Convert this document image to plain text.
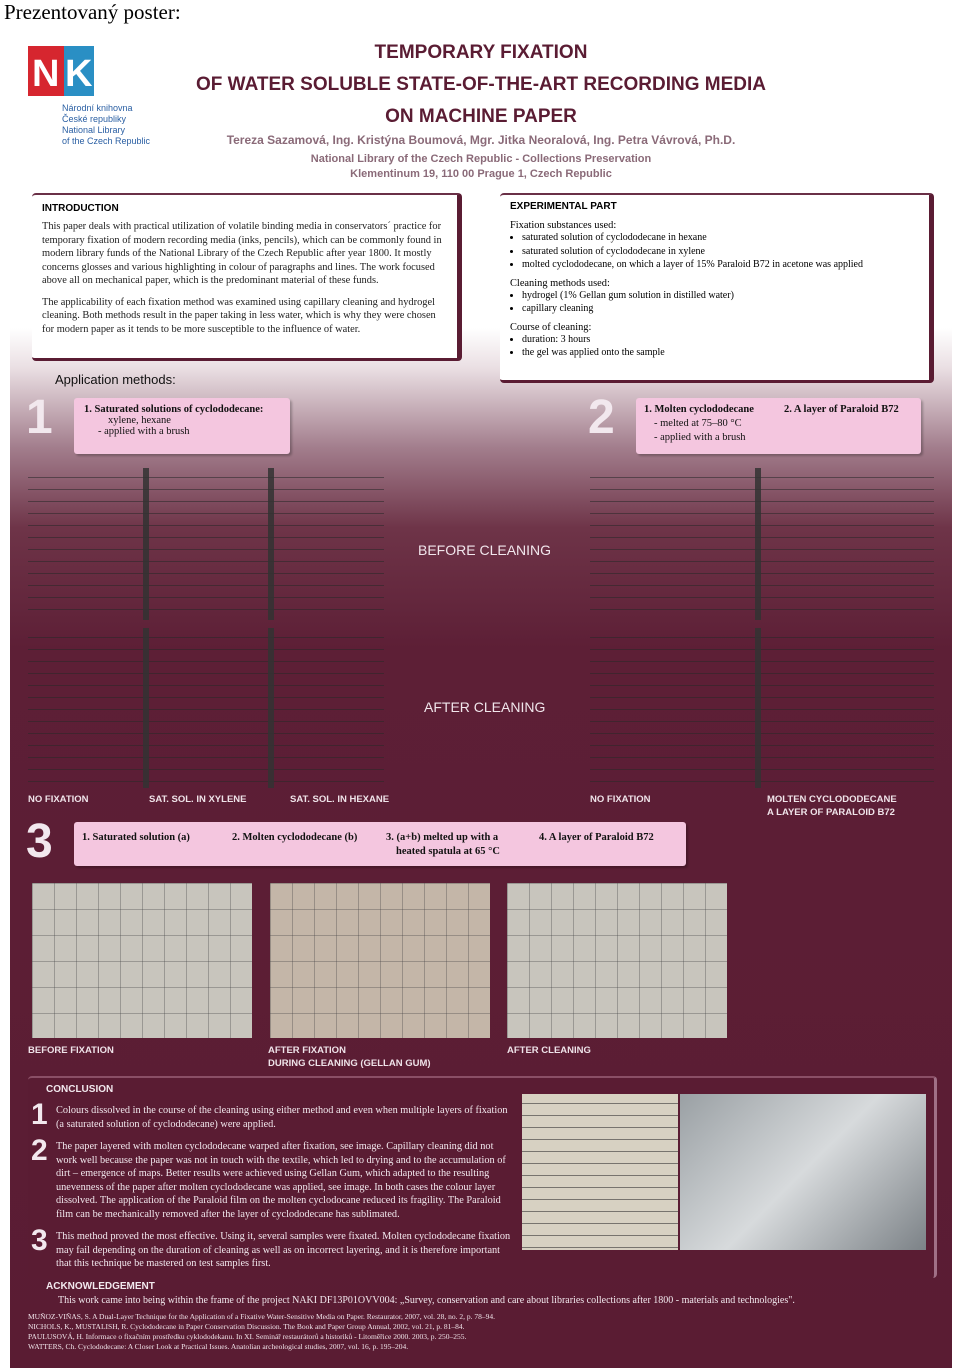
Prezentovaný poster:
N K
Národní knihovna
České republiky
National Library
of the Czech Republic
TEMPORARY FIXATION
OF WATER SOLUBLE STATE-OF-THE-ART RECORDING MEDIA
ON MACHINE PAPER
Tereza Sazamová, Ing. Kristýna Boumová, Mgr. Jitka Neoralová, Ing. Petra Vávrová, Ph.D.
National Library of the Czech Republic - Collections Preservation
Klementinum 19, 110 00 Prague 1, Czech Republic
INTRODUCTION
This paper deals with practical utilization of volatile binding media in conservators´ practice for temporary fixation of modern recording media (inks, pencils), which can be commonly found in modern library funds of the National Library of the Czech Republic after year 1800. It mostly concerns glosses and various highlighting in colour of paragraphs and lines. The work focused above all on mechanical paper, which is the predominant material of these funds.
The applicability of each fixation method was examined using capillary cleaning and hydrogel cleaning. Both methods result in the paper taking in less water, which is why they were chosen for modern paper as it tends to be more susceptible to the influence of water.
EXPERIMENTAL PART
Fixation substances used:
• saturated solution of cyclododecane in hexane
• saturated solution of cyclododecane in xylene
• molted cyclododecane, on which a layer of 15% Paraloid B72 in acetone was applied
Cleaning methods used:
• hydrogel (1% Gellan gum solution in distilled water)
• capillary cleaning
Course of cleaning:
• duration: 3 hours
• the gel was applied onto the sample
Application methods:
1	1. Saturated solutions of cyclododecane:
xylene, hexane
- applied with a brush	2	1. Molten cyclododecane
- melted at 75–80 °C
- applied with a brush
2. A layer of Paraloid B72
BEFORE CLEANING
AFTER CLEANING
NO FIXATION	SAT. SOL. IN XYLENE	SAT. SOL. IN HEXANE	NO FIXATION	MOLTEN CYCLODODECANE
A LAYER OF PARALOID B72
3	1. Saturated solution (a)	2. Molten cyclododecane (b)	3. (a+b) melted up with a
heated spatula at 65 °C
4. A layer of Paraloid B72
BEFORE FIXATION	AFTER FIXATION
DURING CLEANING (GELLAN GUM)
AFTER CLEANING
CONCLUSION
1 Colours dissolved in the course of the cleaning using either method and even when multiple layers of fixation (a saturated solution of cyclododecane) were applied.
2 The paper layered with molten cyclododecane warped after fixation, see image. Capillary cleaning did not work well because the paper was not in touch with the textile, which led to drying and to the accumulation of dirt – emergence of maps. Better results were achieved using Gellan Gum, which adapted to the resulting unevenness of the paper after molten cyclododecane was applied, see image. In both cases the colour layer dissolved. The application of the Paraloid film on the molten cyclodocane reduced its fragility. The Paraloid film can be mechanically removed after the layer of cyclododecane has sublimated.
3 This method proved the most effective. Using it, several samples were fixated. Molten cyclododecane fixation may fail depending on the duration of cleaning as well as on incorrect layering, and it is therefore important that this technique be mastered on test samples first.
ACKNOWLEDGEMENT
This work came into being within the frame of the project NAKI DF13P01OVV004: „Survey, conservation and care about libraries collections after 1800 - materials and technologies".
MUÑOZ-VIÑAS, S. A Dual-Layer Technique for the Application of a Fixative Water-Sensitive Media on Paper. Restaurator, 2007, vol. 28, no. 2, p. 78–94.
NICHOLS, K., MUSTALISH, R. Cyclododecane in Paper Conservation Discussion. The Book and Paper Group Annual, 2002, vol. 21, p. 81–84.
PAULUSOVÁ, H. Informace o fixačním prostředku cyklododekanu. In XI. Seminář restaurátorů a historiků - Litoměřice 2000. 2003, p. 250–255.
WATTERS, Ch. Cyclododecane: A Closer Look at Practical Issues. Anatolian archeological studies, 2007, vol. 16, p. 195–204.
